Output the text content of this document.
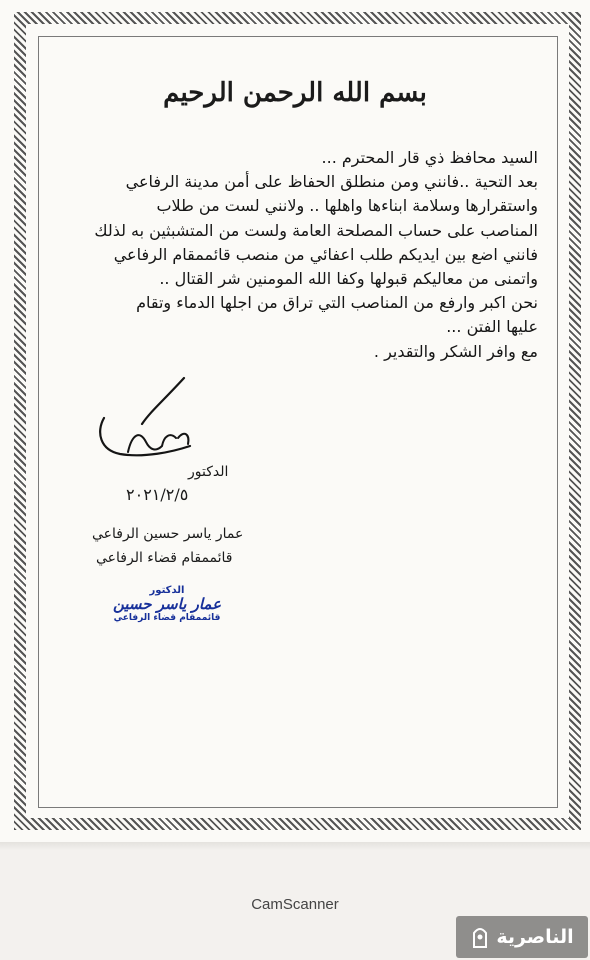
بسم الله الرحمن الرحيم

السيد محافظ ذي قار المحترم ...

بعد التحية ..فانني ومن منطلق الحفاظ على أمن مدينة الرفاعي

واستقرارها وسلامة ابناءها واهلها .. ولانني لست من طلاب

المناصب على حساب المصلحة العامة ولست من المتشبثين به لذلك

فانني اضع بين ايديكم طلب اعفائي من منصب قائممقام الرفاعي

واتمنى من معاليكم قبولها وكفا الله المومنين شر القتال ..

نحن اكبر وارفع من المناصب التي تراق من اجلها الدماء وتقام

عليها الفتن ...

مع وافر الشكر والتقدير .

الدكتور
٢٠٢١/٢/٥
عمار ياسر حسين الرفاعي
قائممقام قضاء الرفاعي
الدكتور
عمار ياسر حسين
قائممقام قضاء الرفاعي
CamScanner
الناصرية
